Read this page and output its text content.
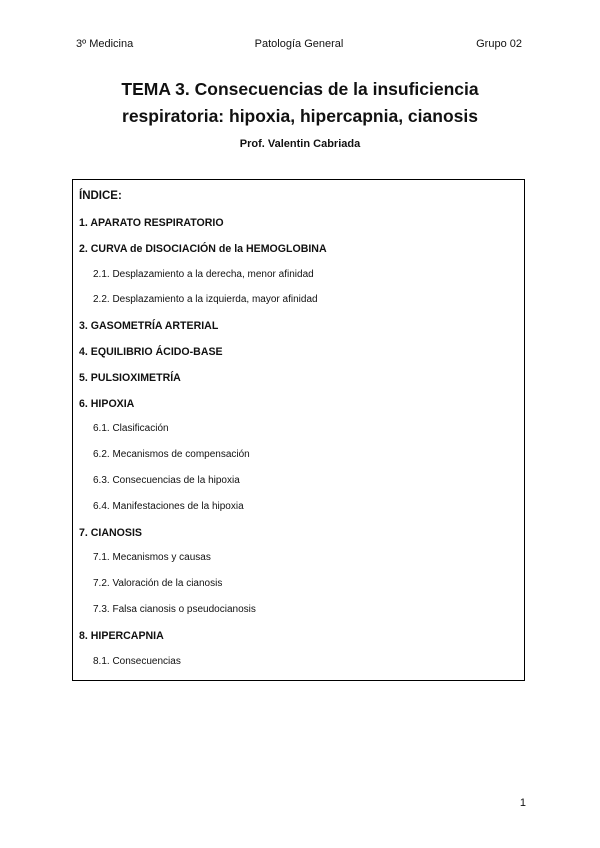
3º Medicina	Patología General	Grupo 02
TEMA 3. Consecuencias de la insuficiencia
respiratoria: hipoxia, hipercapnia, cianosis
Prof. Valentin Cabriada
ÍNDICE:
1. APARATO RESPIRATORIO
2. CURVA de DISOCIACIÓN de la HEMOGLOBINA
2.1. Desplazamiento a la derecha, menor afinidad
2.2. Desplazamiento a la izquierda, mayor afinidad
3. GASOMETRÍA ARTERIAL
4. EQUILIBRIO ÁCIDO-BASE
5. PULSIOXIMETRÍA
6. HIPOXIA
6.1. Clasificación
6.2. Mecanismos de compensación
6.3. Consecuencias de la hipoxia
6.4. Manifestaciones de la hipoxia
7. CIANOSIS
7.1. Mecanismos y causas
7.2. Valoración de la cianosis
7.3. Falsa cianosis o pseudocianosis
8. HIPERCAPNIA
8.1. Consecuencias
1
